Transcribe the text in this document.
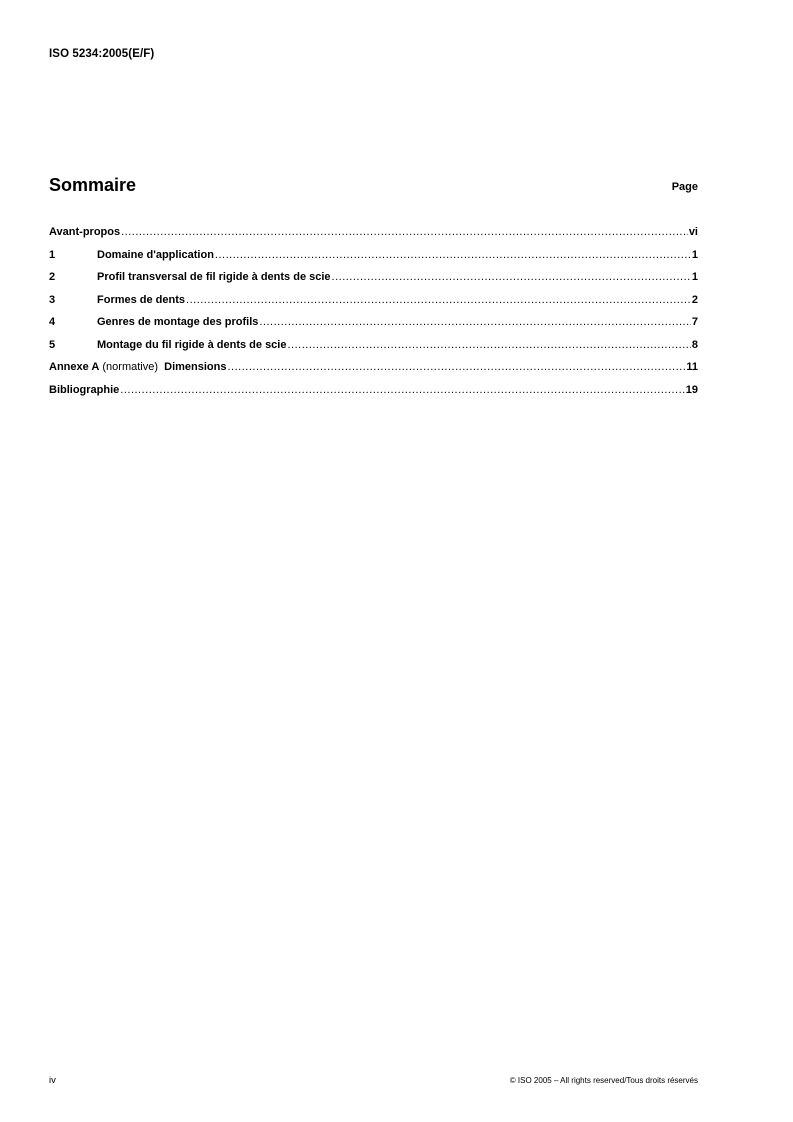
ISO 5234:2005(E/F)
Sommaire	Page
Avant-propos .....	vi
1	Domaine d'application .....	1
2	Profil transversal de fil rigide à dents de scie .....	1
3	Formes de dents .....	2
4	Genres de montage des profils .....	7
5	Montage du fil rigide à dents de scie .....	8
Annexe A (normative) Dimensions .....	11
Bibliographie .....	19
iv	© ISO 2005 – All rights reserved/Tous droits réservés
